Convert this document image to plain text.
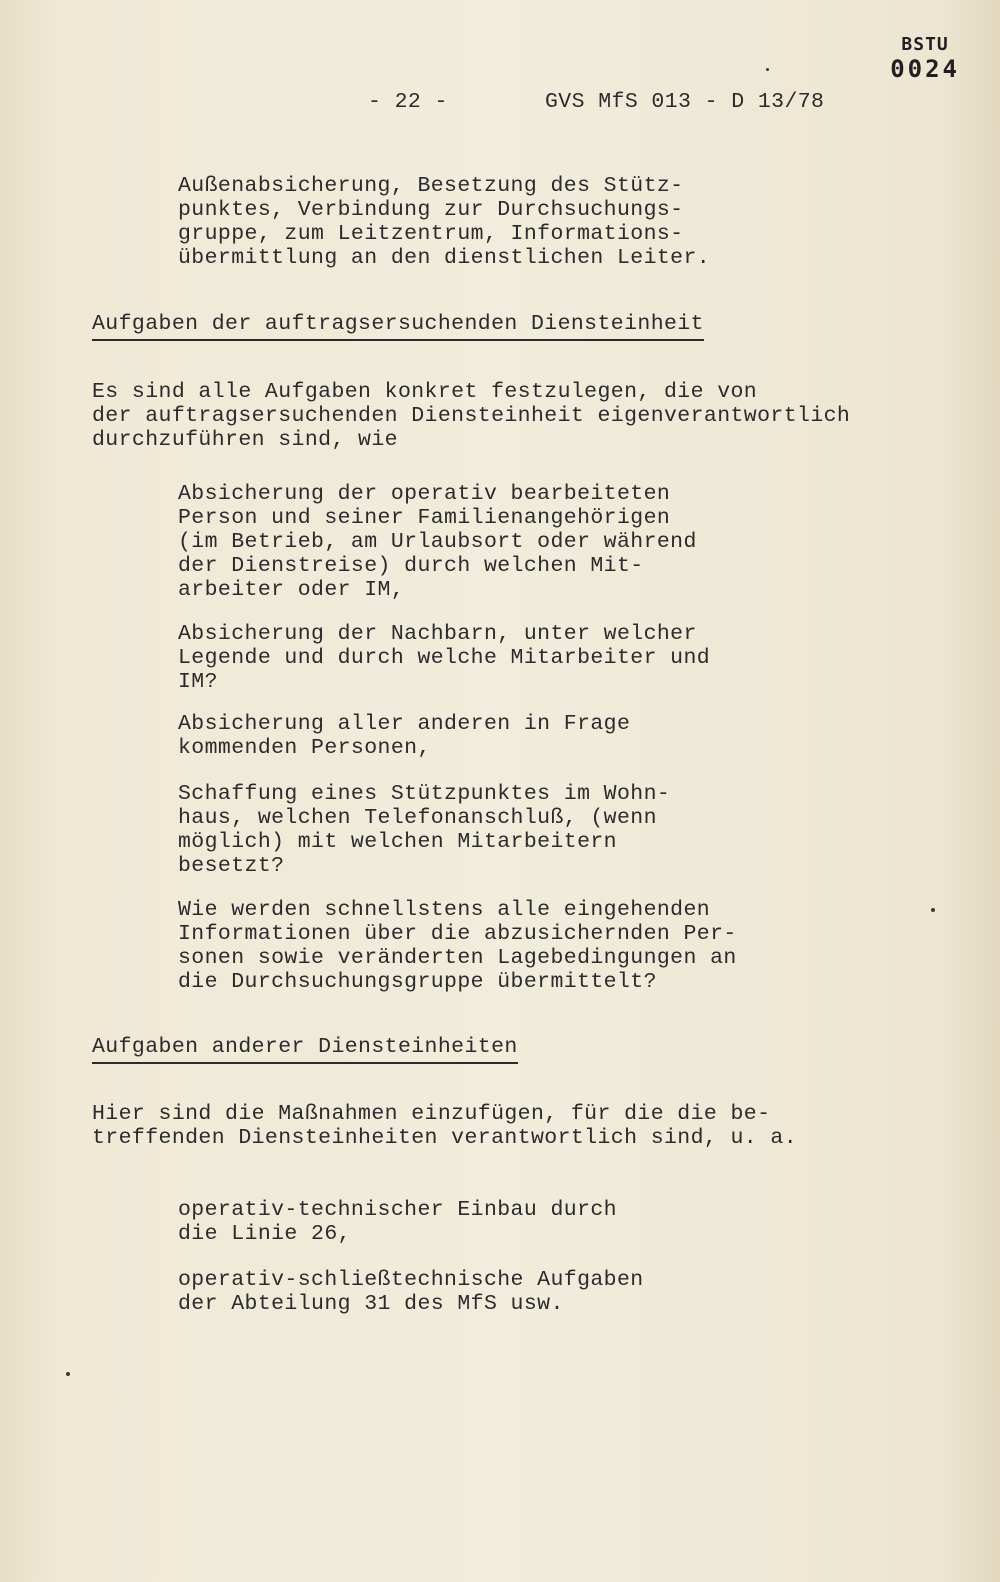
BSTU
0024
- 22 -	GVS MfS 013 - D 13/78
Außenabsicherung, Besetzung des Stütz-
punktes, Verbindung zur Durchsuchungs-
gruppe, zum Leitzentrum, Informations-
übermittlung an den dienstlichen Leiter.
Aufgaben der auftragsersuchenden Diensteinheit
Es sind alle Aufgaben konkret festzulegen, die von
der auftragsersuchenden Diensteinheit eigenverantwortlich
durchzuführen sind, wie
Absicherung der operativ bearbeiteten
Person und seiner Familienangehörigen
(im Betrieb, am Urlaubsort oder während
der Dienstreise) durch welchen Mit-
arbeiter oder IM,
Absicherung der Nachbarn, unter welcher
Legende und durch welche Mitarbeiter und
IM?
Absicherung aller anderen in Frage
kommenden Personen,
Schaffung eines Stützpunktes im Wohn-
haus, welchen Telefonanschluß, (wenn
möglich) mit welchen Mitarbeitern
besetzt?
Wie werden schnellstens alle eingehenden
Informationen über die abzusichernden Per-
sonen sowie veränderten Lagebedingungen an
die Durchsuchungsgruppe übermittelt?
Aufgaben anderer Diensteinheiten
Hier sind die Maßnahmen einzufügen, für die die be-
treffenden Diensteinheiten verantwortlich sind, u. a.
operativ-technischer Einbau durch
die Linie 26,
operativ-schließtechnische Aufgaben
der Abteilung 31 des MfS usw.
